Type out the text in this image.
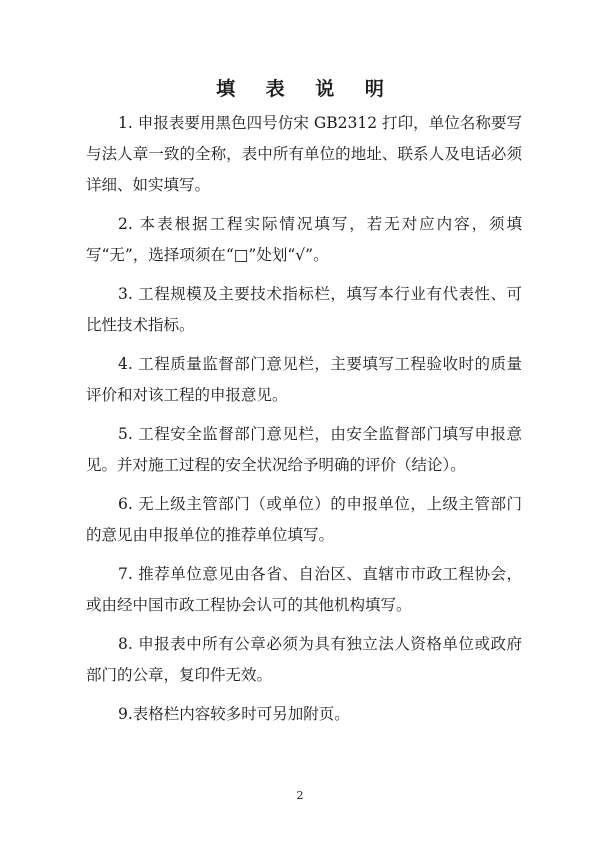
填 表 说 明

1. 申报表要用黑色四号仿宋 GB2312 打印，单位名称要写与法人章一致的全称，表中所有单位的地址、联系人及电话必须详细、如实填写。

2. 本表根据工程实际情况填写，若无对应内容，须填写“无”，选择项须在“□”处划“√”。

3. 工程规模及主要技术指标栏，填写本行业有代表性、可比性技术指标。

4. 工程质量监督部门意见栏，主要填写工程验收时的质量评价和对该工程的申报意见。

5. 工程安全监督部门意见栏，由安全监督部门填写申报意见。并对施工过程的安全状况给予明确的评价（结论）。

6. 无上级主管部门（或单位）的申报单位，上级主管部门的意见由申报单位的推荐单位填写。

7. 推荐单位意见由各省、自治区、直辖市市政工程协会，或由经中国市政工程协会认可的其他机构填写。

8. 申报表中所有公章必须为具有独立法人资格单位或政府部门的公章，复印件无效。

9.表格栏内容较多时可另加附页。

2
